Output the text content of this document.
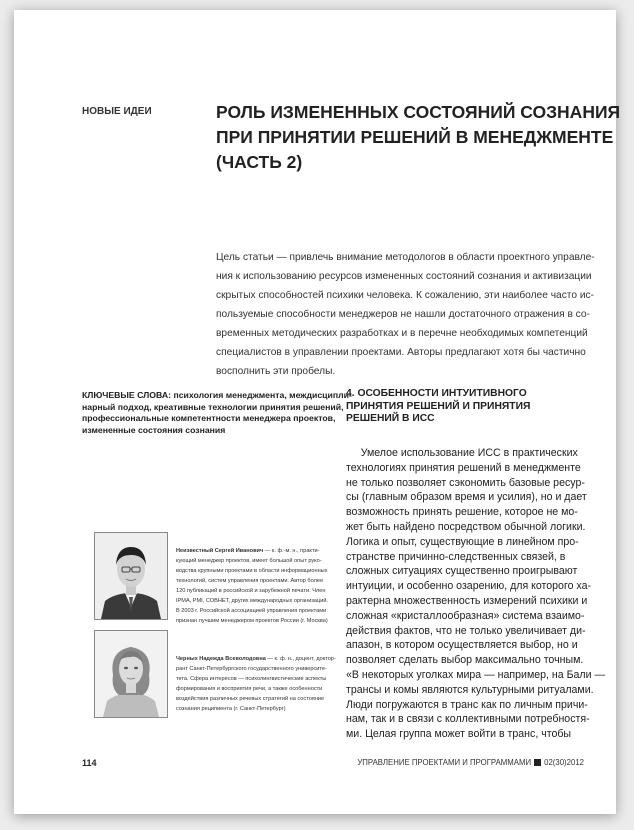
НОВЫЕ ИДЕИ	РОЛЬ ИЗМЕНЕННЫХ СОСТОЯНИЙ СОЗНАНИЯ
ПРИ ПРИНЯТИИ РЕШЕНИЙ В МЕНЕДЖМЕНТЕ
(ЧАСТЬ 2)
Цель статьи — привлечь внимание методологов в области проектного управле-
ния к использованию ресурсов измененных состояний сознания и активизации
скрытых способностей психики человека. К сожалению, эти наиболее часто ис-
пользуемые способности менеджеров не нашли достаточного отражения в со-
временных методических разработках и в перечне необходимых компетенций
специалистов в управлении проектами. Авторы предлагают хотя бы частично
восполнить эти пробелы.
КЛЮЧЕВЫЕ СЛОВА: психология менеджмента, междисципли-
нарный подход, креативные технологии принятия решений,
профессиональные компетентности менеджера проектов,
измененные состояния сознания
Неизвестный Сергей Иванович — к. ф.-м. н., практи-
кующий менеджер проектов, имеет большой опыт руко-
водства крупными проектами в области информационных
технологий, систем управления проектами. Автор более
120 публикаций в российской и зарубежной печати. Член
IPMA, PMI, СОВНЕТ, других международных организаций.
В 2003 г. Российской ассоциацией управления проектами
признан лучшим менеджером проектов России (г. Москва)
Черных Надежда Всеволодовна — к. ф. н., доцент, доктор-
рант Санкт-Петербургского государственного университе-
тета. Сфера интересов — психолингвистические аспекты
формирования и восприятия речи, а также особенности
воздействия различных речевых стратегий на состояние
сознания реципиента (г. Санкт-Петербург)
4. ОСОБЕННОСТИ ИНТУИТИВНОГО
ПРИНЯТИЯ РЕШЕНИЙ И ПРИНЯТИЯ
РЕШЕНИЙ В ИСС
Умелое использование ИСС в практических
технологиях принятия решений в менеджменте
не только позволяет сэкономить базовые ресур-
сы (главным образом время и усилия), но и дает
возможность принять решение, которое не мо-
жет быть найдено посредством обычной логики.
Логика и опыт, существующие в линейном про-
странстве причинно-следственных связей, в
сложных ситуациях существенно проигрывают
интуиции, и особенно озарению, для которого ха-
рактерна множественность измерений психики и
сложная «кристаллообразная» система взаимо-
действия фактов, что не только увеличивает ди-
апазон, в котором осуществляется выбор, но и
позволяет сделать выбор максимально точным.
«В некоторых уголках мира — например, на Бали —
трансы и комы являются культурными ритуалами.
Люди погружаются в транс как по личным причи-
нам, так и в связи с коллективными потребностя-
ми. Целая группа может войти в транс, чтобы
114	УПРАВЛЕНИЕ ПРОЕКТАМИ И ПРОГРАММАМИ 02(30)2012
